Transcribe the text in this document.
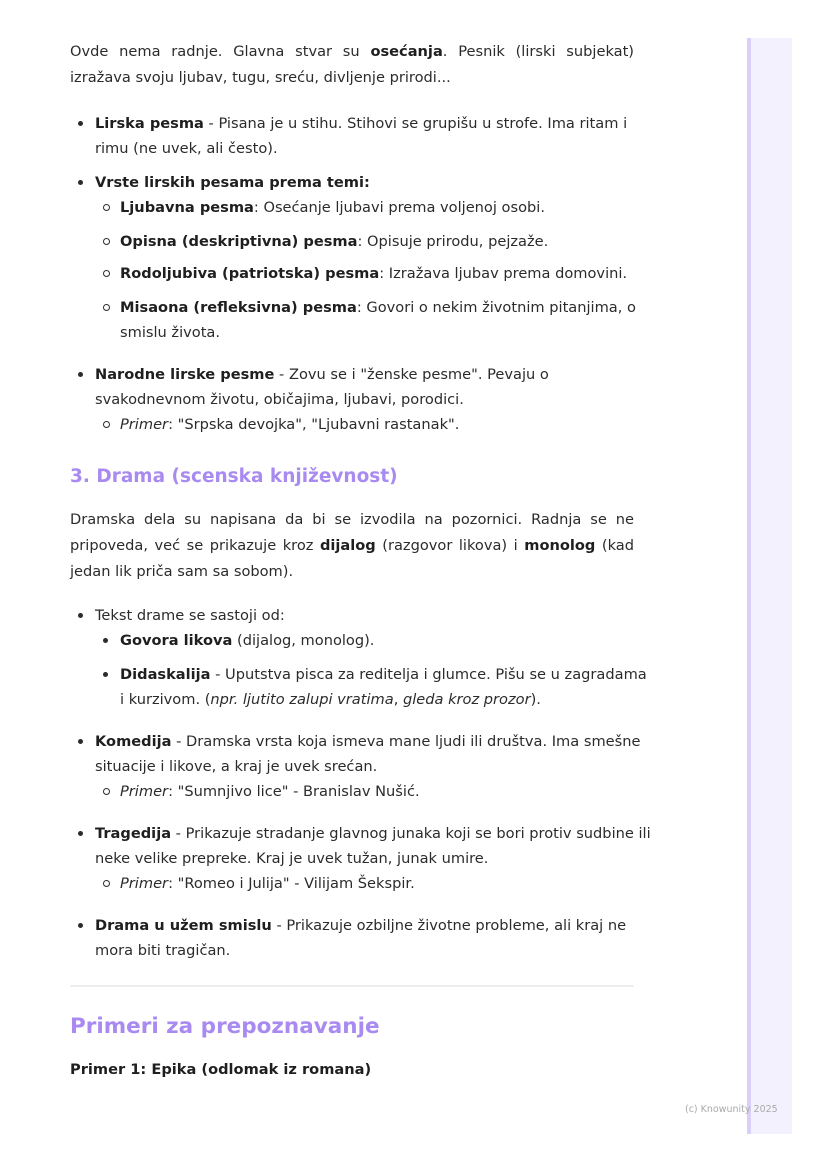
Ovde nema radnje. Glavna stvar su osećanja. Pesnik (lirski subjekat) izražava svoju ljubav, tugu, sreću, divljenje prirodi...
Lirska pesma - Pisana je u stihu. Stihovi se grupišu u strofe. Ima ritam i
rimu (ne uvek, ali često).
Vrste lirskih pesama prema temi:
Ljubavna pesma: Osećanje ljubavi prema voljenoj osobi.
Opisna (deskriptivna) pesma: Opisuje prirodu, pejzaže.
Rodoljubiva (patriotska) pesma: Izražava ljubav prema domovini.
Misaona (refleksivna) pesma: Govori o nekim životnim pitanjima, o
smislu života.
Narodne lirske pesme - Zovu se i "ženske pesme". Pevaju o
svakodnevnom životu, običajima, ljubavi, porodici.
Primer: "Srpska devojka", "Ljubavni rastanak".
3. Drama (scenska književnost)
Dramska dela su napisana da bi se izvodila na pozornici. Radnja se ne pripoveda, već se prikazuje kroz dijalog (razgovor likova) i monolog (kad jedan lik priča sam sa sobom).
Tekst drame se sastoji od:
Govora likova (dijalog, monolog).
Didaskalija - Uputstva pisca za reditelja i glumce. Pišu se u zagradama
i kurzivom. (npr. ljutito zalupi vratima, gleda kroz prozor).
Komedija - Dramska vrsta koja ismeva mane ljudi ili društva. Ima smešne
situacije i likove, a kraj je uvek srećan.
Primer: "Sumnjivo lice" - Branislav Nušić.
Tragedija - Prikazuje stradanje glavnog junaka koji se bori protiv sudbine ili
neke velike prepreke. Kraj je uvek tužan, junak umire.
Primer: "Romeo i Julija" - Vilijam Šekspir.
Drama u užem smislu - Prikazuje ozbiljne životne probleme, ali kraj ne
mora biti tragičan.
Primeri za prepoznavanje
Primer 1: Epika (odlomak iz romana)
(c) Knowunity 2025
